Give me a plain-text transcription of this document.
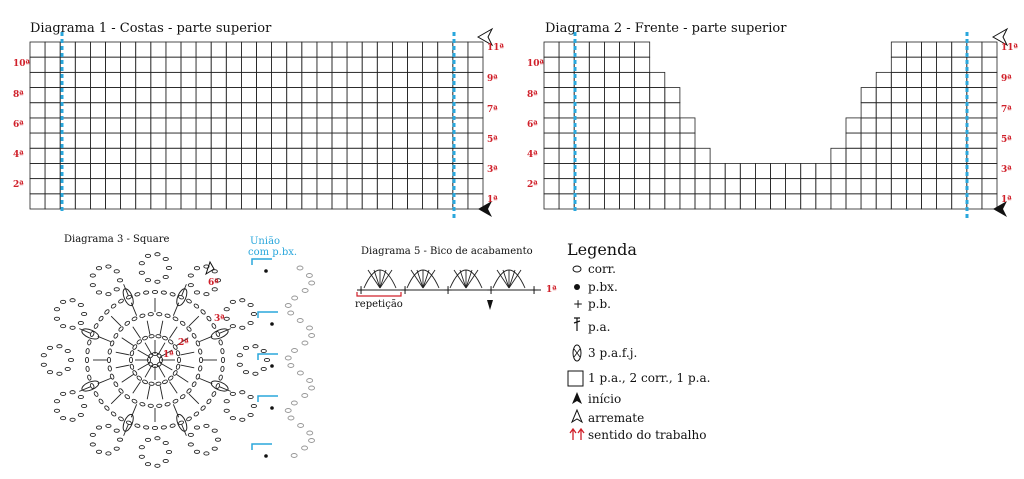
Diagrama 1 - Costas - parte superior
10ª
8ª
6ª
4ª
2ª
11ª
9ª
7ª
5ª
3ª
1ª
Diagrama 2 - Frente - parte superior
10ª
8ª
6ª
4ª
2ª
11ª
9ª
7ª
5ª
3ª
1ª
Diagrama 3 - Square	União
com p.bx.
6ª
3ª
2ª
1ª
Diagrama 5 - Bico de acabamento
+	+	+	+	+
repetição
1ª
Legenda
corr.
p.bx.
p.b.
p.a.
3 p.a.f.j.
1 p.a., 2 corr., 1 p.a.
início
arremate
sentido do trabalho
+
